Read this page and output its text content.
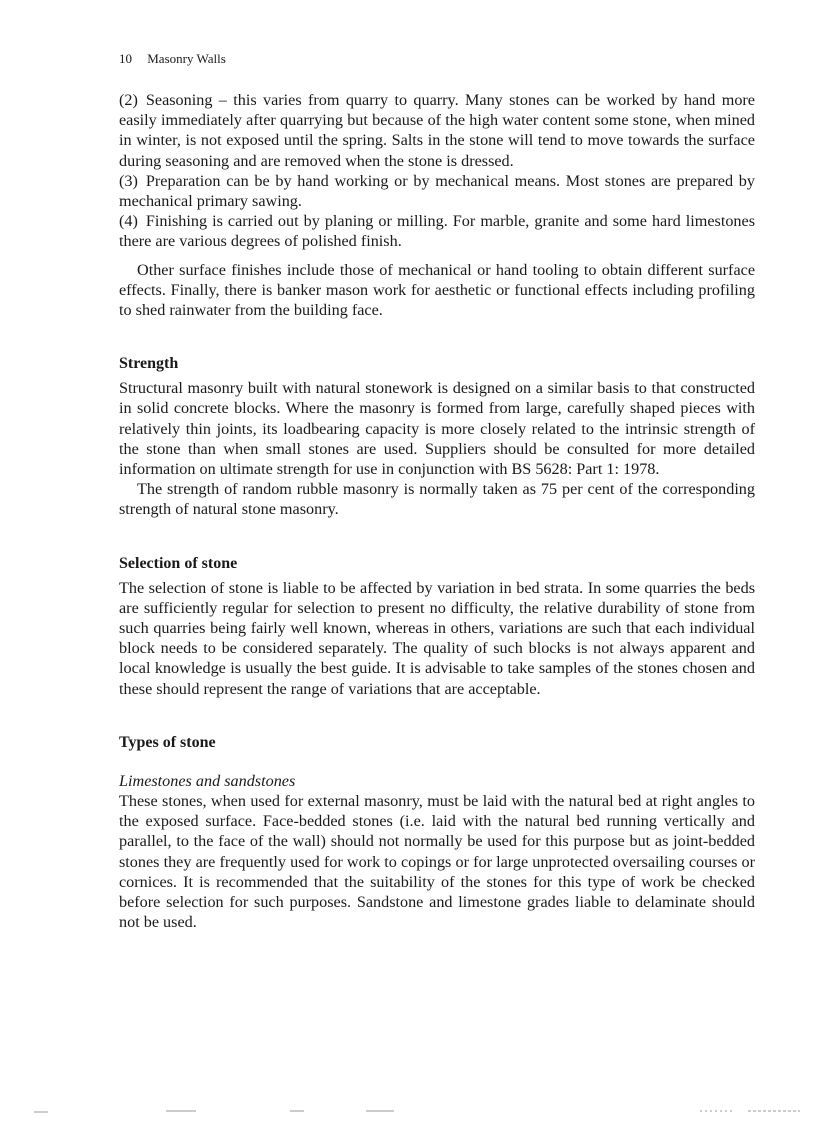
10 Masonry Walls

(2) Seasoning – this varies from quarry to quarry. Many stones can be worked by hand more easily immediately after quarrying but because of the high water content some stone, when mined in winter, is not exposed until the spring. Salts in the stone will tend to move towards the surface during seasoning and are removed when the stone is dressed.

(3) Preparation can be by hand working or by mechanical means. Most stones are prepared by mechanical primary sawing.

(4) Finishing is carried out by planing or milling. For marble, granite and some hard limestones there are various degrees of polished finish.

Other surface finishes include those of mechanical or hand tooling to obtain different surface effects. Finally, there is banker mason work for aesthetic or functional effects including profiling to shed rainwater from the building face.

Strength

Structural masonry built with natural stonework is designed on a similar basis to that constructed in solid concrete blocks. Where the masonry is formed from large, carefully shaped pieces with relatively thin joints, its loadbearing capacity is more closely related to the intrinsic strength of the stone than when small stones are used. Suppliers should be consulted for more detailed information on ultimate strength for use in conjunction with BS 5628: Part 1: 1978.

The strength of random rubble masonry is normally taken as 75 per cent of the corresponding strength of natural stone masonry.

Selection of stone

The selection of stone is liable to be affected by variation in bed strata. In some quarries the beds are sufficiently regular for selection to present no difficulty, the relative durability of stone from such quarries being fairly well known, whereas in others, variations are such that each individual block needs to be considered separately. The quality of such blocks is not always apparent and local knowledge is usually the best guide. It is advisable to take samples of the stones chosen and these should represent the range of variations that are acceptable.

Types of stone
Limestones and sandstones

These stones, when used for external masonry, must be laid with the natural bed at right angles to the exposed surface. Face-bedded stones (i.e. laid with the natural bed running vertically and parallel, to the face of the wall) should not normally be used for this purpose but as joint-bedded stones they are frequently used for work to copings or for large unprotected oversailing courses or cornices. It is recommended that the suitability of the stones for this type of work be checked before selection for such purposes. Sandstone and limestone grades liable to delaminate should not be used.
